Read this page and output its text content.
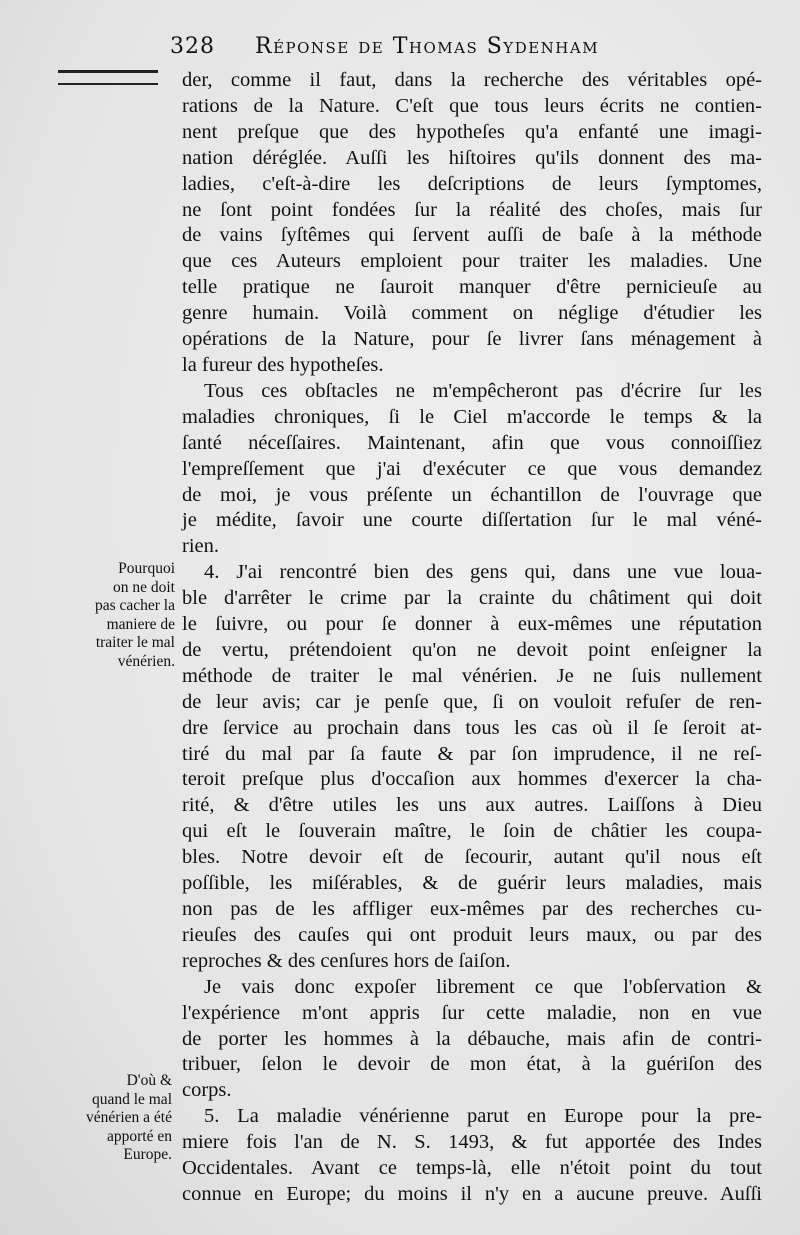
328 Réponse de Thomas Sydenham
der, comme il faut, dans la recherche des véritables opé-
rations de la Nature. C'eſt que tous leurs écrits ne contien-
nent preſque que des hypotheſes qu'a enfanté une imagi-
nation déréglée. Auſſi les hiſtoires qu'ils donnent des ma-
ladies, c'eſt-à-dire les deſcriptions de leurs ſymptomes,
ne ſont point fondées ſur la réalité des choſes, mais ſur
de vains ſyſtêmes qui ſervent auſſi de baſe à la méthode
que ces Auteurs emploient pour traiter les maladies. Une
telle pratique ne ſauroit manquer d'être pernicieuſe au
genre humain. Voilà comment on néglige d'étudier les
opérations de la Nature, pour ſe livrer ſans ménagement à
la fureur des hypotheſes.
Tous ces obſtacles ne m'empêcheront pas d'écrire ſur les
maladies chroniques, ſi le Ciel m'accorde le temps & la
ſanté néceſſaires. Maintenant, afin que vous connoiſſiez
l'empreſſement que j'ai d'exécuter ce que vous demandez
de moi, je vous préſente un échantillon de l'ouvrage que
je médite, ſavoir une courte diſſertation ſur le mal véné-
rien.
4. J'ai rencontré bien des gens qui, dans une vue loua-
ble d'arrêter le crime par la crainte du châtiment qui doit
le ſuivre, ou pour ſe donner à eux-mêmes une réputation
de vertu, prétendoient qu'on ne devoit point enſeigner la
méthode de traiter le mal vénérien. Je ne ſuis nullement
de leur avis; car je penſe que, ſi on vouloit refuſer de ren-
dre ſervice au prochain dans tous les cas où il ſe ſeroit at-
tiré du mal par ſa faute & par ſon imprudence, il ne reſ-
teroit preſque plus d'occaſion aux hommes d'exercer la cha-
rité, & d'être utiles les uns aux autres. Laiſſons à Dieu
qui eſt le ſouverain maître, le ſoin de châtier les coupa-
bles. Notre devoir eſt de ſecourir, autant qu'il nous eſt
poſſible, les miſérables, & de guérir leurs maladies, mais
non pas de les affliger eux-mêmes par des recherches cu-
rieuſes des cauſes qui ont produit leurs maux, ou par des
reproches & des cenſures hors de ſaiſon.
Je vais donc expoſer librement ce que l'obſervation &
l'expérience m'ont appris ſur cette maladie, non en vue
de porter les hommes à la débauche, mais afin de contri-
tribuer, ſelon le devoir de mon état, à la guériſon des
corps.
5. La maladie vénérienne parut en Europe pour la pre-
miere fois l'an de N. S. 1493, & fut apportée des Indes
Occidentales. Avant ce temps-là, elle n'étoit point du tout
connue en Europe; du moins il n'y en a aucune preuve. Auſſi
Pourquoi
on ne doit
pas cacher la
maniere de
traiter le mal
vénérien.
D'où &
quand le mal
vénérien a été
apporté en
Europe.
